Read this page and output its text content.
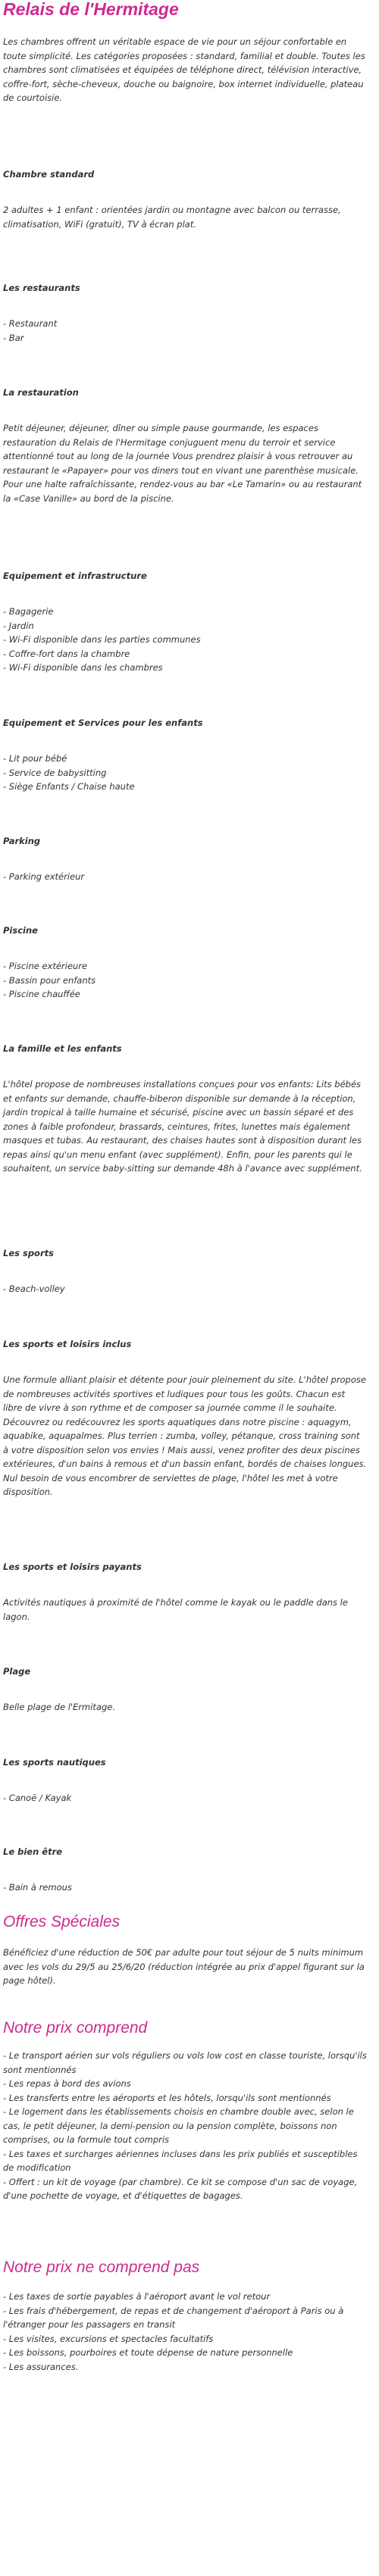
Relais de l'Hermitage

Les chambres offrent un véritable espace de vie pour un séjour confortable en toute simplicité. Les catégories proposées : standard, familial et double. Toutes les chambres sont climatisées et équipées de téléphone direct, télévision interactive, coffre-fort, sèche-cheveux, douche ou baignoire, box internet individuelle, plateau de courtoisie.

Chambre standard

2 adultes + 1 enfant : orientées jardin ou montagne avec balcon ou terrasse, climatisation, WiFi (gratuit), TV à écran plat.

Les restaurants

- Restaurant
- Bar

La restauration

Petit déjeuner, déjeuner, dîner ou simple pause gourmande, les espaces restauration du Relais de l'Hermitage conjuguent menu du terroir et service attentionné tout au long de la journée Vous prendrez plaisir à vous retrouver au restaurant le «Papayer» pour vos diners tout en vivant une parenthèse musicale. Pour une halte rafraîchissante, rendez-vous au bar «Le Tamarin» ou au restaurant la «Case Vanille» au bord de la piscine.

Equipement et infrastructure

- Bagagerie
- Jardin
- Wi-Fi disponible dans les parties communes
- Coffre-fort dans la chambre
- Wi-Fi disponible dans les chambres

Equipement et Services pour les enfants

- Lit pour bébé
- Service de babysitting
- Siège Enfants / Chaise haute

Parking

- Parking extérieur

Piscine

- Piscine extérieure
- Bassin pour enfants
- Piscine chauffée

La famille et les enfants

L'hôtel propose de nombreuses installations conçues pour vos enfants: Lits bébés et enfants sur demande, chauffe-biberon disponible sur demande à la réception, jardin tropical à taille humaine et sécurisé, piscine avec un bassin séparé et des zones à faible profondeur, brassards, ceintures, frites, lunettes mais également masques et tubas. Au restaurant, des chaises hautes sont à disposition durant les repas ainsi qu'un menu enfant (avec supplément). Enfin, pour les parents qui le souhaitent, un service baby-sitting sur demande 48h à l'avance avec supplément.

Les sports

- Beach-volley

Les sports et loisirs inclus

Une formule alliant plaisir et détente pour jouir pleinement du site. L'hôtel propose de nombreuses activités sportives et ludiques pour tous les goûts. Chacun est libre de vivre à son rythme et de composer sa journée comme il le souhaite. Découvrez ou redécouvrez les sports aquatiques dans notre piscine : aquagym, aquabike, aquapalmes. Plus terrien : zumba, volley, pétanque, cross training sont à votre disposition selon vos envies ! Mais aussi, venez profiter des deux piscines extérieures, d'un bains à remous et d'un bassin enfant, bordés de chaises longues. Nul besoin de vous encombrer de serviettes de plage, l'hôtel les met à votre disposition.

Les sports et loisirs payants

Activités nautiques à proximité de l'hôtel comme le kayak ou le paddle dans le lagon.

Plage

Belle plage de l'Ermitage.

Les sports nautiques

- Canoë / Kayak

Le bien être

- Bain à remous
Offres Spéciales

Bénéficiez d'une réduction de 50€ par adulte pour tout séjour de 5 nuits minimum avec les vols du 29/5 au 25/6/20 (réduction intégrée au prix d'appel figurant sur la page hôtel).

Notre prix comprend
- Le transport aérien sur vols réguliers ou vols low cost en classe touriste, lorsqu'ils sont mentionnés
- Les repas à bord des avions
- Les transferts entre les aéroports et les hôtels, lorsqu'ils sont mentionnés
- Le logement dans les établissements choisis en chambre double avec, selon le cas, le petit déjeuner, la demi-pension ou la pension complète, boissons non comprises, ou la formule tout compris
- Les taxes et surcharges aériennes incluses dans les prix publiés et susceptibles de modification
- Offert : un kit de voyage (par chambre). Ce kit se compose d'un sac de voyage, d'une pochette de voyage, et d'étiquettes de bagages.
Notre prix ne comprend pas
- Les taxes de sortie payables à l'aéroport avant le vol retour
- Les frais d'hébergement, de repas et de changement d'aéroport à Paris ou à l'étranger pour les passagers en transit
- Les visites, excursions et spectacles facultatifs
- Les boissons, pourboires et toute dépense de nature personnelle
- Les assurances.
